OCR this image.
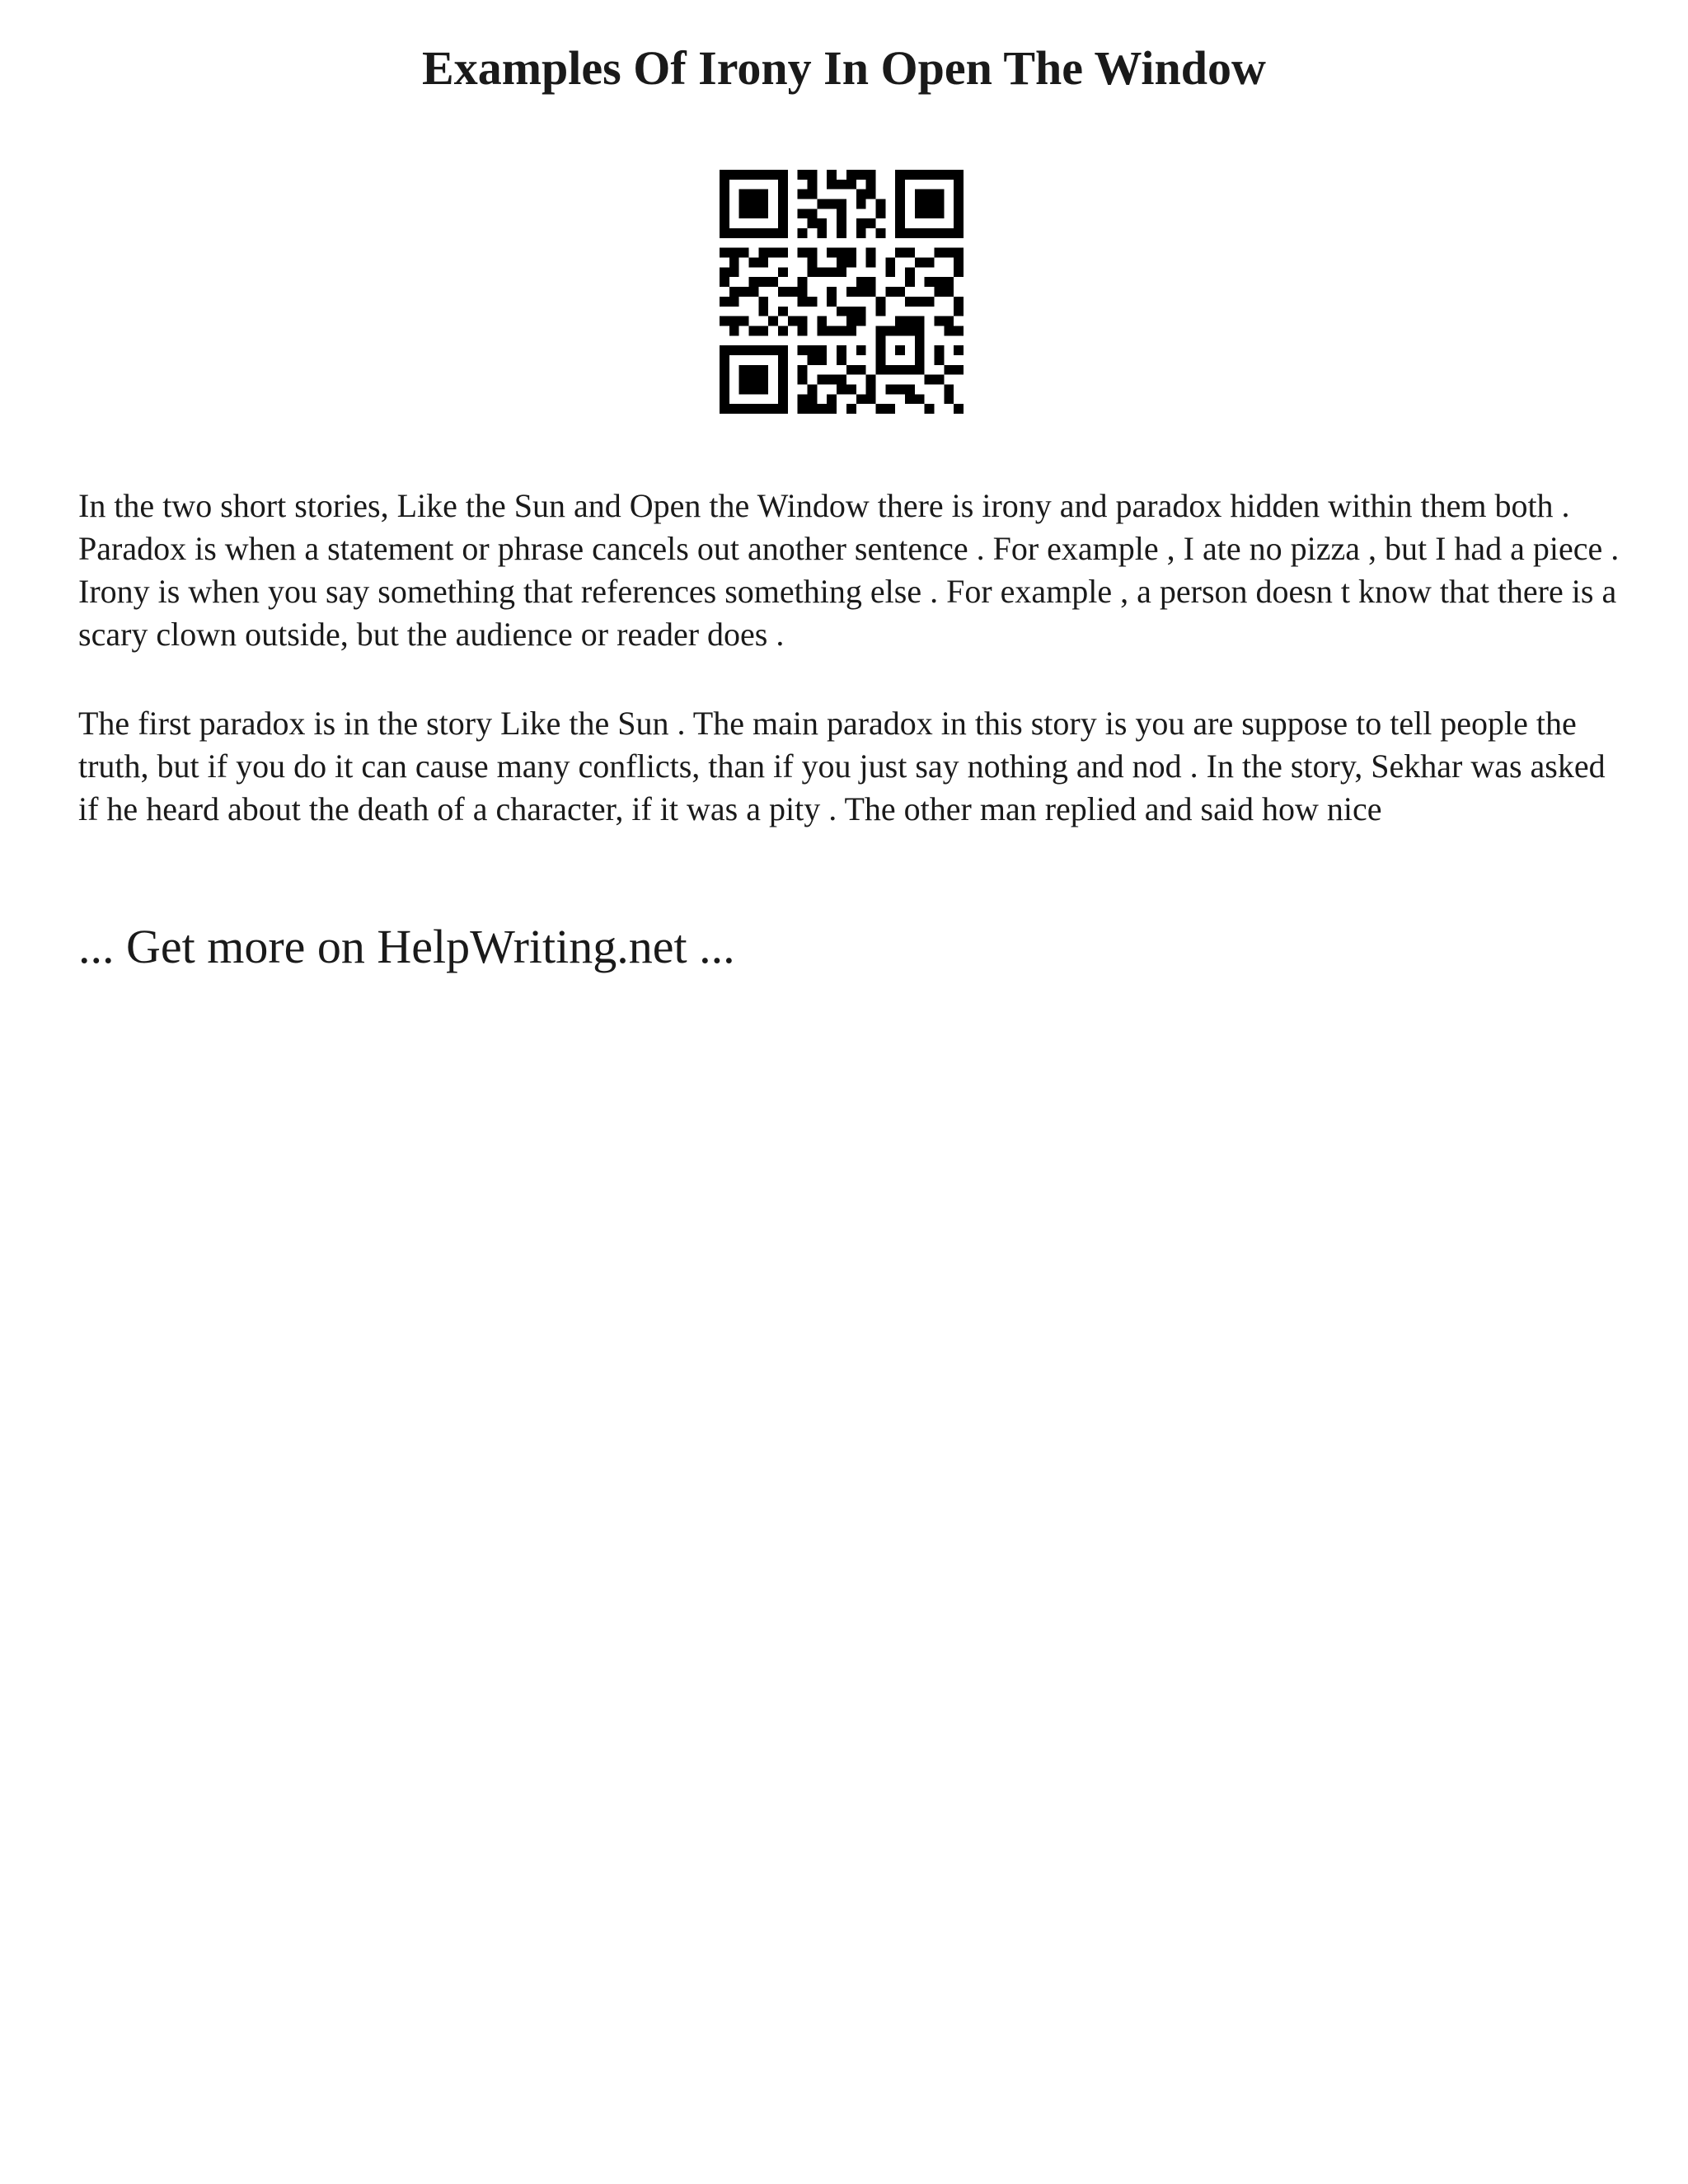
Examples Of Irony In Open The Window

In the two short stories, Like the Sun and Open the Window there is irony and paradox hidden within them both . Paradox is when a statement or phrase cancels out another sentence . For example , I ate no pizza , but I had a piece . Irony is when you say something that references something else . For example , a person doesn t know that there is a scary clown outside, but the audience or reader does .

The first paradox is in the story Like the Sun . The main paradox in this story is you are suppose to tell people the truth, but if you do it can cause many conflicts, than if you just say nothing and nod . In the story, Sekhar was asked if he heard about the death of a character, if it was a pity . The other man replied and said how nice

... Get more on HelpWriting.net ...
